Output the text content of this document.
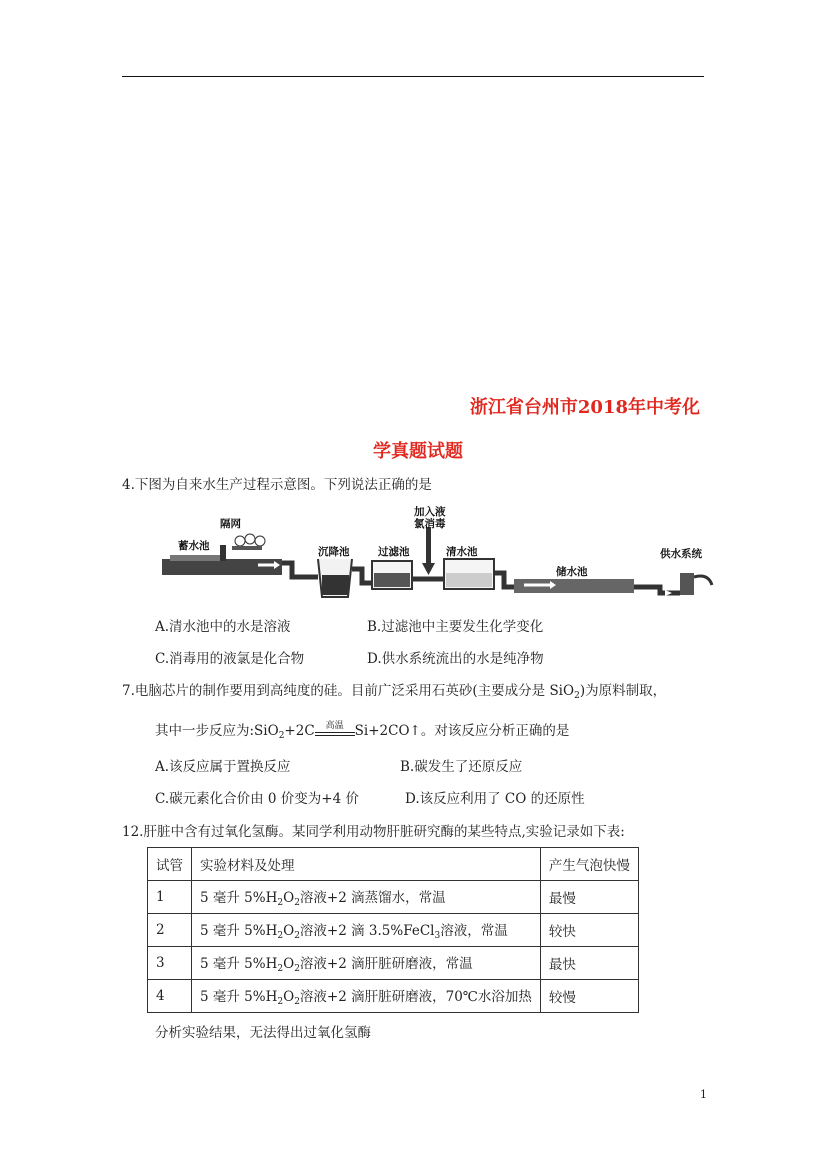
浙江省台州市2018年中考化
学真题试题
4.下图为自来水生产过程示意图。下列说法正确的是
蓄水池
隔网
沉降池	过滤池
加入液
氯消毒
清水池
储水池
供水系统
A.清水池中的水是溶液	B.过滤池中主要发生化学变化
C.消毒用的液氯是化合物	D.供水系统流出的水是纯净物
7.电脑芯片的制作要用到高纯度的硅。目前广泛采用石英砂(主要成分是 SiO$_2$)为原料制取，
其中一步反应为:SiO$_2$+2C	高温 Si+2CO↑。对该反应分析正确的是
A.该反应属于置换反应	B.碳发生了还原反应
C.碳元素化合价由 0 价变为+4 价	D.该反应利用了 CO 的还原性
12.肝脏中含有过氧化氢酶。某同学利用动物肝脏研究酶的某些特点,实验记录如下表:
试管	实验材料及处理	产生气泡快慢
1	5 毫升 $5\%H_2O_2$溶液+2 滴蒸馏水，常温	最慢
2	5 毫升 $5\%H_2O_2$溶液+2 滴 3.5%FeCl$_3$溶液，常温	较快
3	5 毫升 $5\%H_2O_2$溶液+2 滴肝脏研磨液，常温	最快
4	5 毫升 $5\%H_2O_2$溶液+2 滴肝脏研磨液，70℃水浴加热	较慢
分析实验结果，无法得出过氧化氢酶
1
